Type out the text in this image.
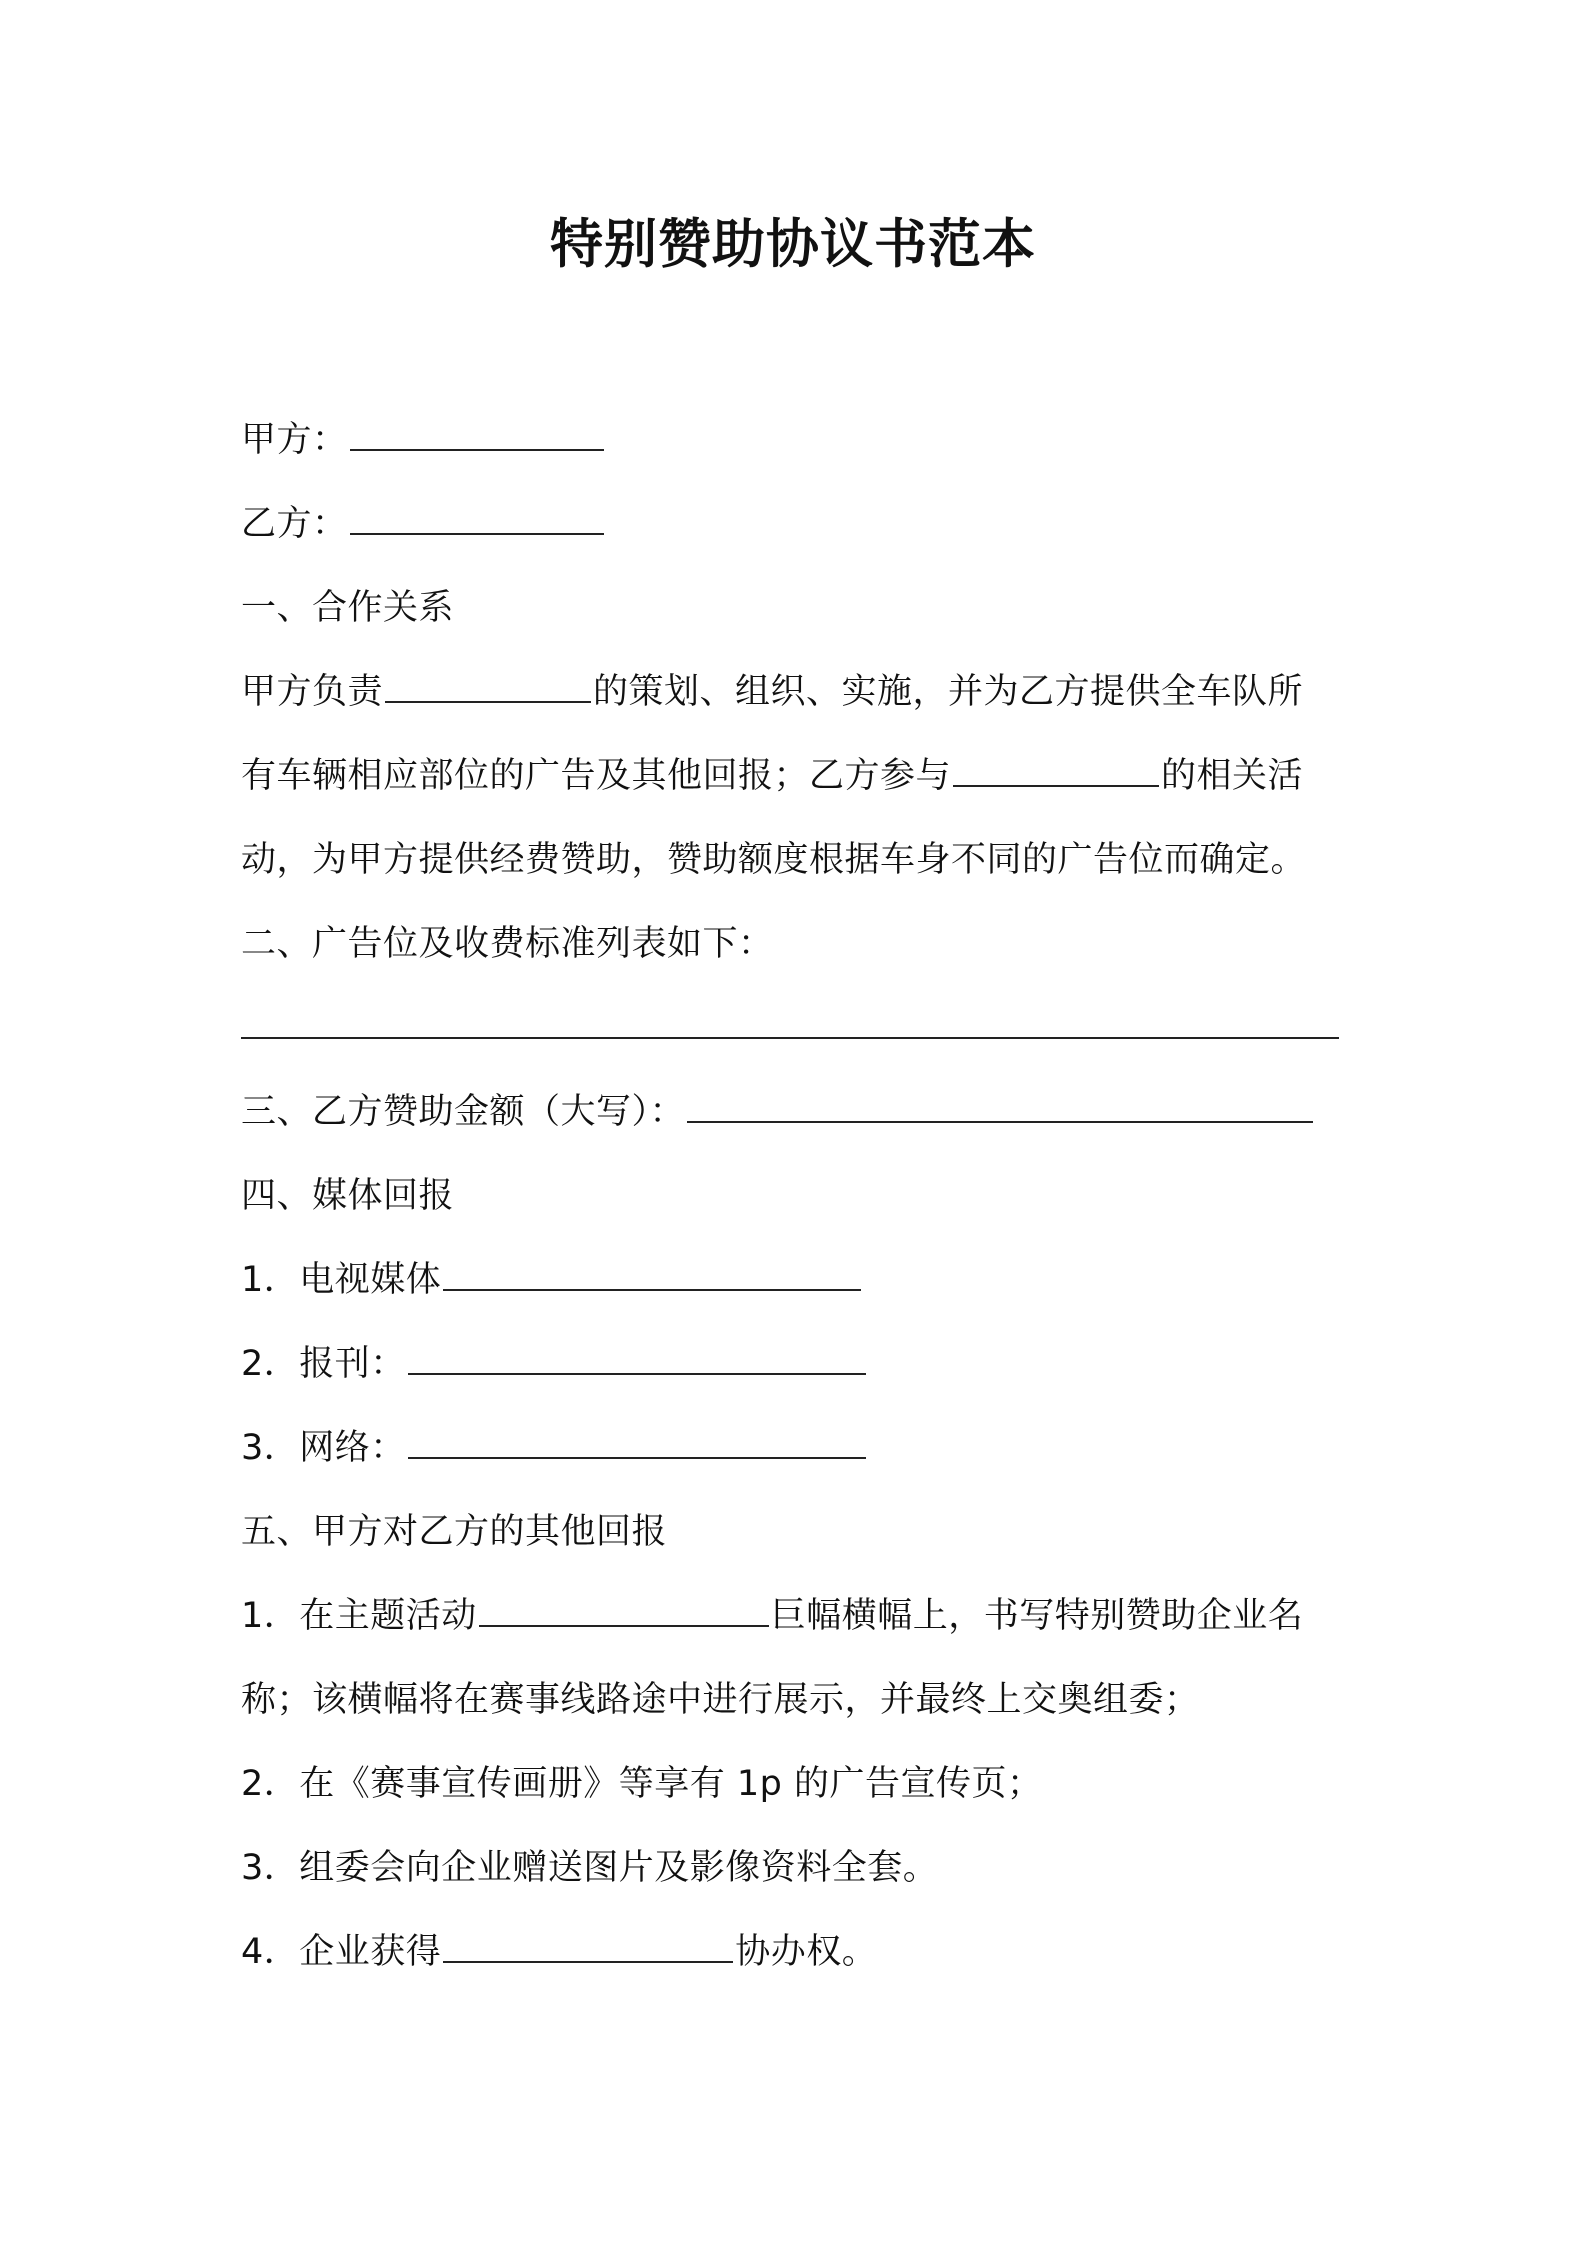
特别赞助协议书范本
甲方：
乙方：
一、合作关系
甲方负责	的策划、组织、实施，并为乙方提供全车队所
有车辆相应部位的广告及其他回报；乙方参与	的相关活
动，为甲方提供经费赞助，赞助额度根据车身不同的广告位而确定。
二、广告位及收费标准列表如下：
三、乙方赞助金额（大写）：
四、媒体回报
1．电视媒体
2．报刊：
3．网络：
五、甲方对乙方的其他回报
1．在主题活动	巨幅横幅上，书写特别赞助企业名
称；该横幅将在赛事线路途中进行展示，并最终上交奥组委；
2．在《赛事宣传画册》等享有 1p 的广告宣传页；
3．组委会向企业赠送图片及影像资料全套。
4．企业获得	协办权。
